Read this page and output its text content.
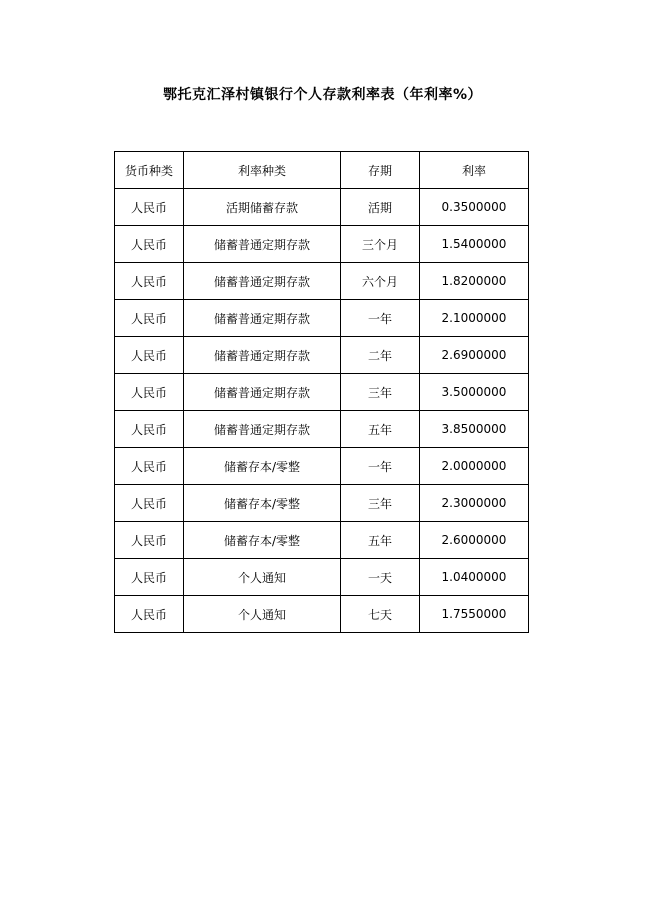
鄂托克汇泽村镇银行个人存款利率表（年利率%）
货币种类	利率种类	存期	利率
人民币	活期储蓄存款	活期	0.3500000
人民币	储蓄普通定期存款	三个月	1.5400000
人民币	储蓄普通定期存款	六个月	1.8200000
人民币	储蓄普通定期存款	一年	2.1000000
人民币	储蓄普通定期存款	二年	2.6900000
人民币	储蓄普通定期存款	三年	3.5000000
人民币	储蓄普通定期存款	五年	3.8500000
人民币	储蓄存本/零整	一年	2.0000000
人民币	储蓄存本/零整	三年	2.3000000
人民币	储蓄存本/零整	五年	2.6000000
人民币	个人通知	一天	1.0400000
人民币	个人通知	七天	1.7550000
